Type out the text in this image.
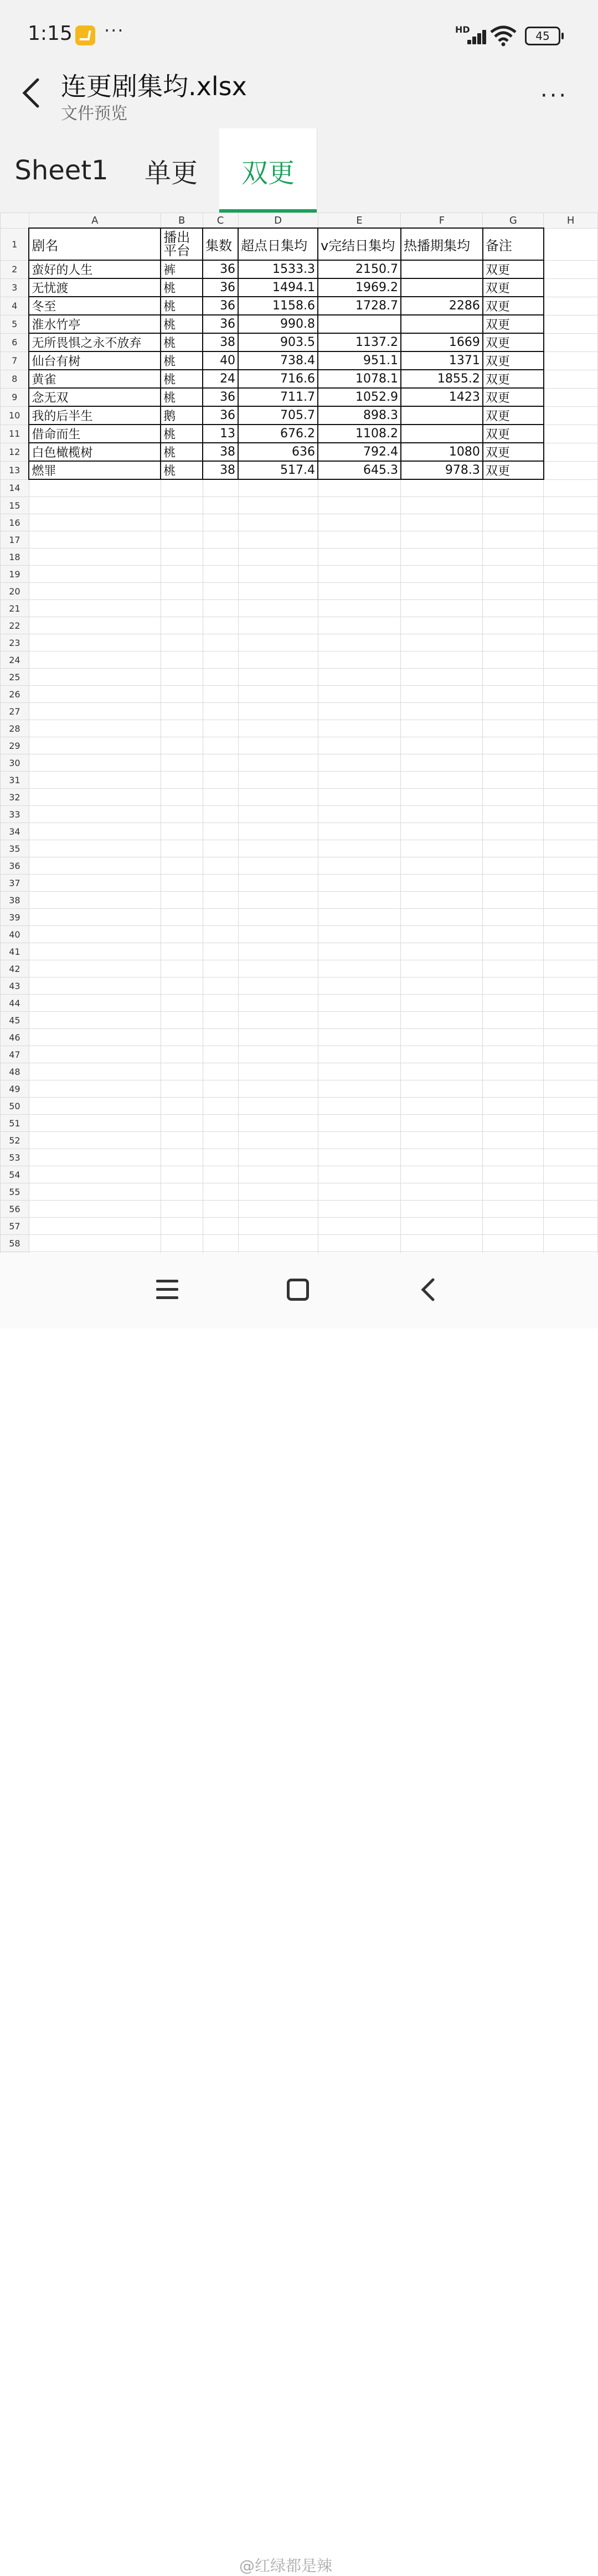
1:15 ···	HD	45
连更剧集均.xlsx
文件预览
···
Sheet1	单更	双更
	A	B	C	D	E	F	G	H
1	剧名	播出平台	集数	超点日集均	v完结日集均	热播期集均	备注	
2	蛮好的人生	裤	36	1533.3	2150.7		双更	
3	无忧渡	桃	36	1494.1	1969.2		双更	
4	冬至	桃	36	1158.6	1728.7	2286	双更	
5	淮水竹亭	桃	36	990.8			双更	
6	无所畏惧之永不放弃	桃	38	903.5	1137.2	1669	双更	
7	仙台有树	桃	40	738.4	951.1	1371	双更	
8	黄雀	桃	24	716.6	1078.1	1855.2	双更	
9	念无双	桃	36	711.7	1052.9	1423	双更	
10	我的后半生	鹅	36	705.7	898.3		双更	
11	借命而生	桃	13	676.2	1108.2		双更	
12	白色橄榄树	桃	38	636	792.4	1080	双更	
13	燃罪	桃	38	517.4	645.3	978.3	双更	
14								
15								
16								
17								
18								
19								
20								
21								
22								
23								
24								
25								
26								
27								
28								
29								
30								
31								
32								
33								
34								
35								
36								
37								
38								
39								
40								
41								
42								
43								
44								
45								
46								
47								
48								
49								
50								
51								
52								
53								
54								
55								
56								
57								
58								

@红绿都是辣
